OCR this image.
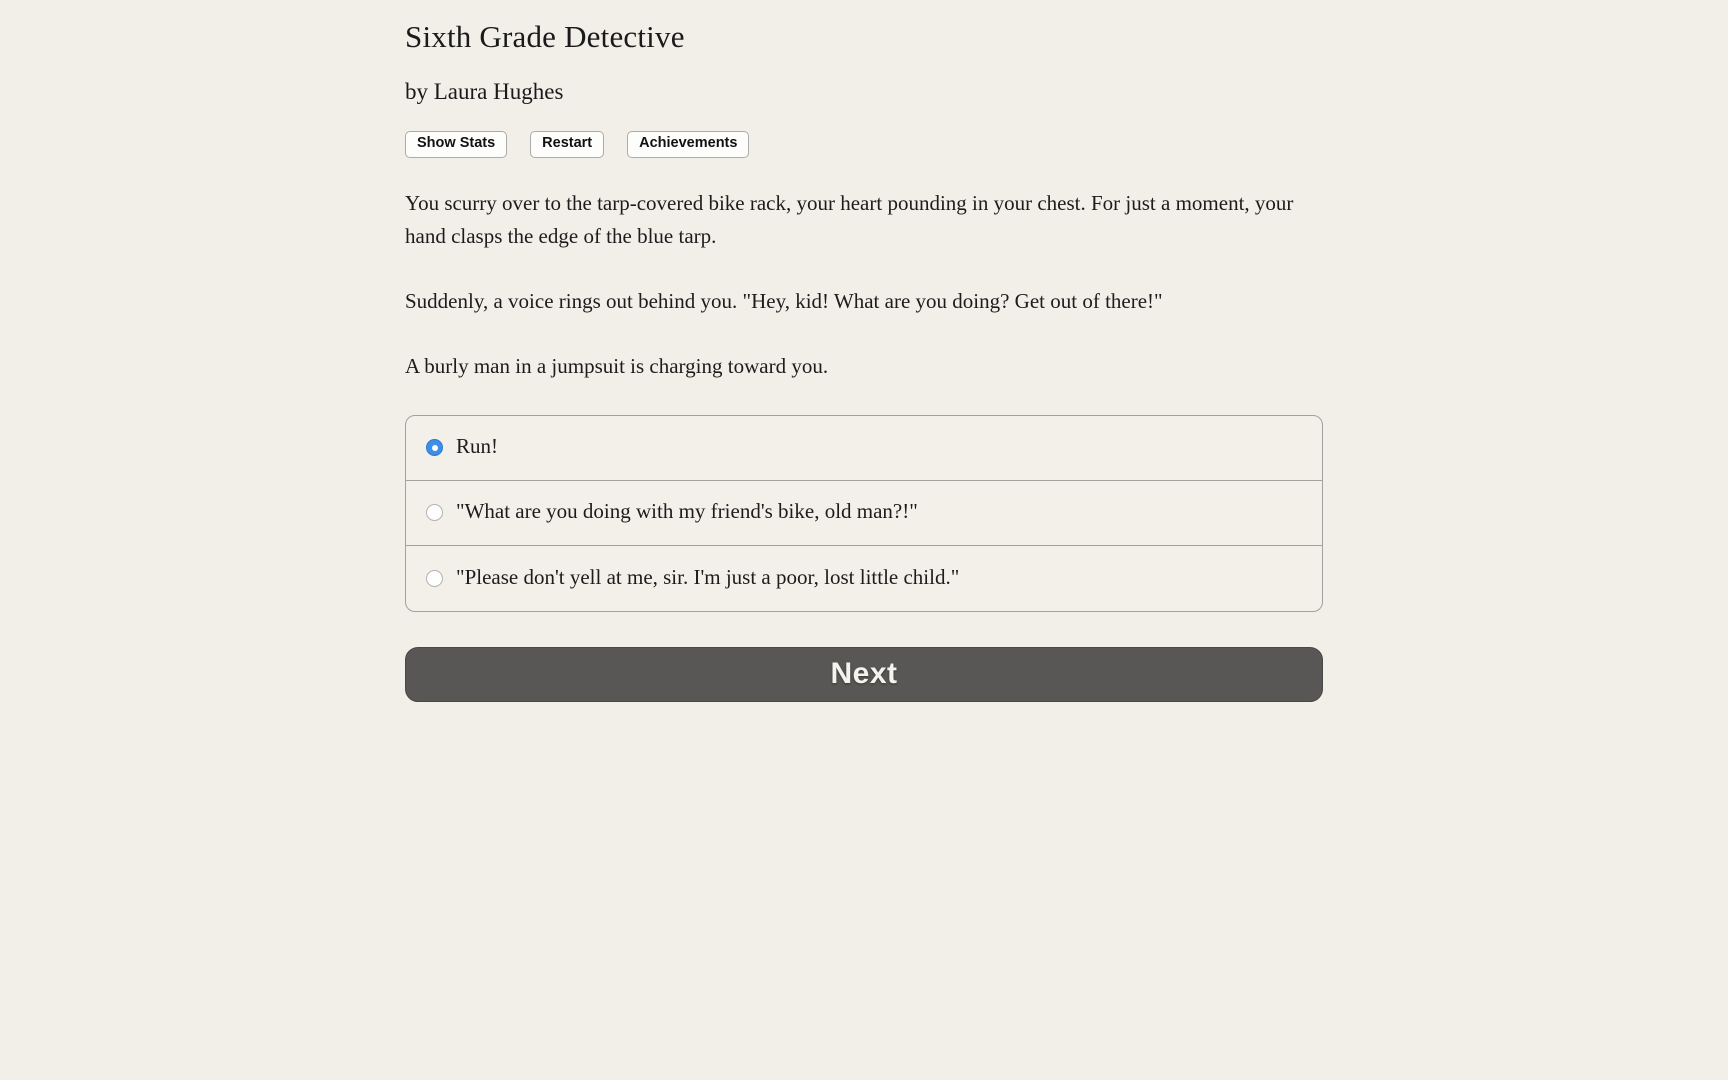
Sixth Grade Detective
by Laura Hughes
Show Stats	Restart	Achievements

You scurry over to the tarp-covered bike rack, your heart pounding in your chest. For just a moment, your hand clasps the edge of the blue tarp.

Suddenly, a voice rings out behind you. "Hey, kid! What are you doing? Get out of there!"

A burly man in a jumpsuit is charging toward you.

Run!
"What are you doing with my friend's bike, old man?!"
"Please don't yell at me, sir. I'm just a poor, lost little child."
Next
